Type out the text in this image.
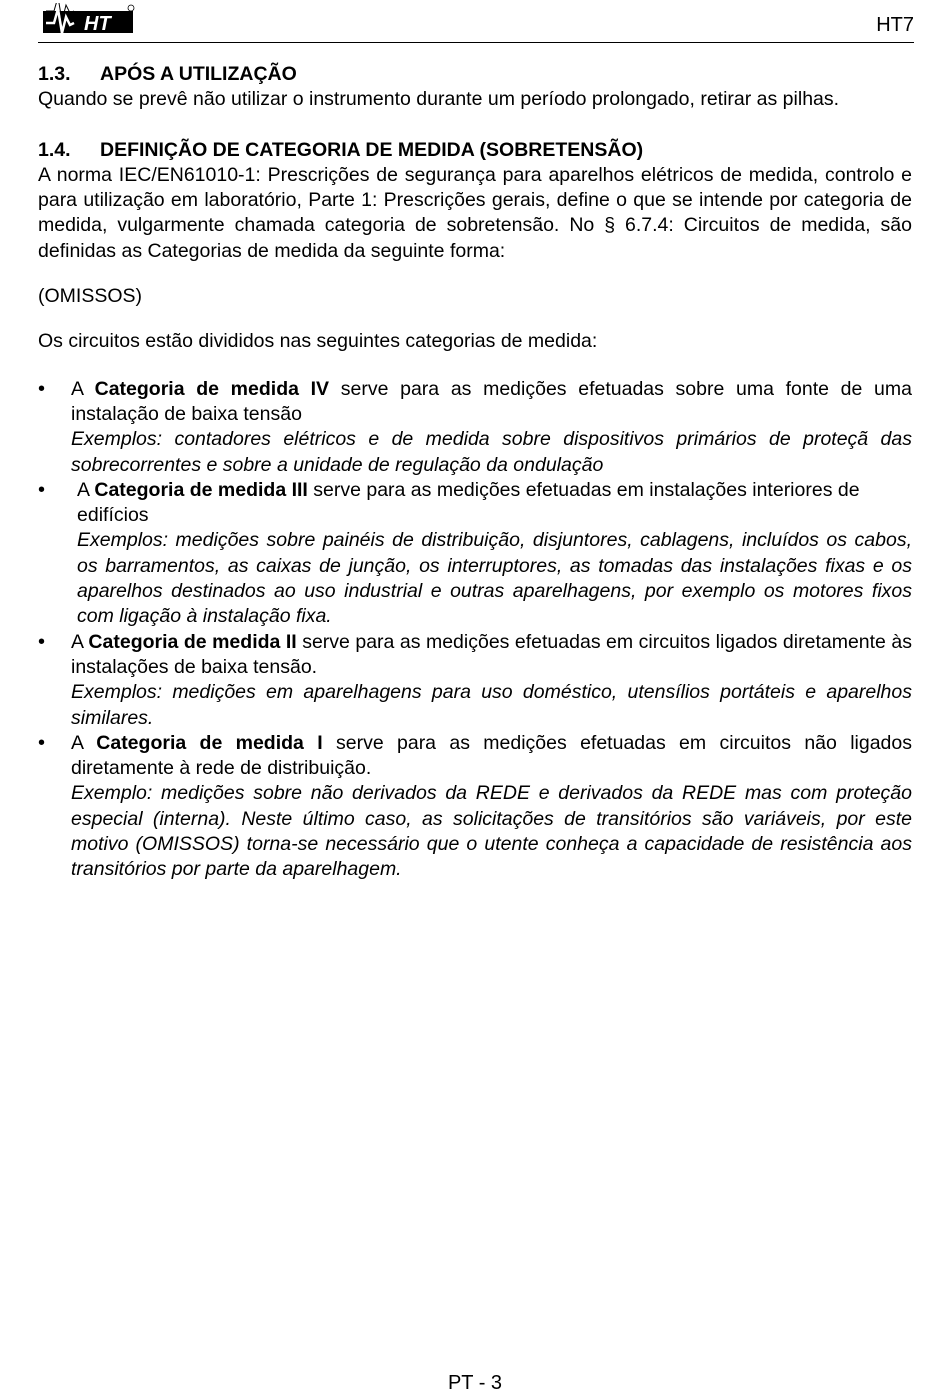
HT	HT7
1.3. APÓS A UTILIZAÇÃO

Quando se prevê não utilizar o instrumento durante um período prolongado, retirar as pilhas.

1.4. DEFINIÇÃO DE CATEGORIA DE MEDIDA (SOBRETENSÃO)

A norma IEC/EN61010-1: Prescrições de segurança para aparelhos elétricos de medida, controlo e para utilização em laboratório, Parte 1: Prescrições gerais, define o que se intende por categoria de medida, vulgarmente chamada categoria de sobretensão. No § 6.7.4: Circuitos de medida, são definidas as Categorias de medida da seguinte forma:

(OMISSOS)

Os circuitos estão divididos nas seguintes categorias de medida:

• A Categoria de medida IV serve para as medições efetuadas sobre uma fonte de uma instalação de baixa tensão

Exemplos: contadores elétricos e de medida sobre dispositivos primários de proteçã das sobrecorrentes e sobre a unidade de regulação da ondulação

• A Categoria de medida III serve para as medições efetuadas em instalações interiores de edifícios

Exemplos: medições sobre painéis de distribuição, disjuntores, cablagens, incluídos os cabos, os barramentos, as caixas de junção, os interruptores, as tomadas das instalações fixas e os aparelhos destinados ao uso industrial e outras aparelhagens, por exemplo os motores fixos com ligação à instalação fixa.

• A Categoria de medida II serve para as medições efetuadas em circuitos ligados diretamente às instalações de baixa tensão.

Exemplos: medições em aparelhagens para uso doméstico, utensílios portáteis e aparelhos similares.

• A Categoria de medida I serve para as medições efetuadas em circuitos não ligados diretamente à rede de distribuição.

Exemplo: medições sobre não derivados da REDE e derivados da REDE mas com proteção especial (interna). Neste último caso, as solicitações de transitórios são variáveis, por este motivo (OMISSOS) torna-se necessário que o utente conheça a capacidade de resistência aos transitórios por parte da aparelhagem.

PT - 3
